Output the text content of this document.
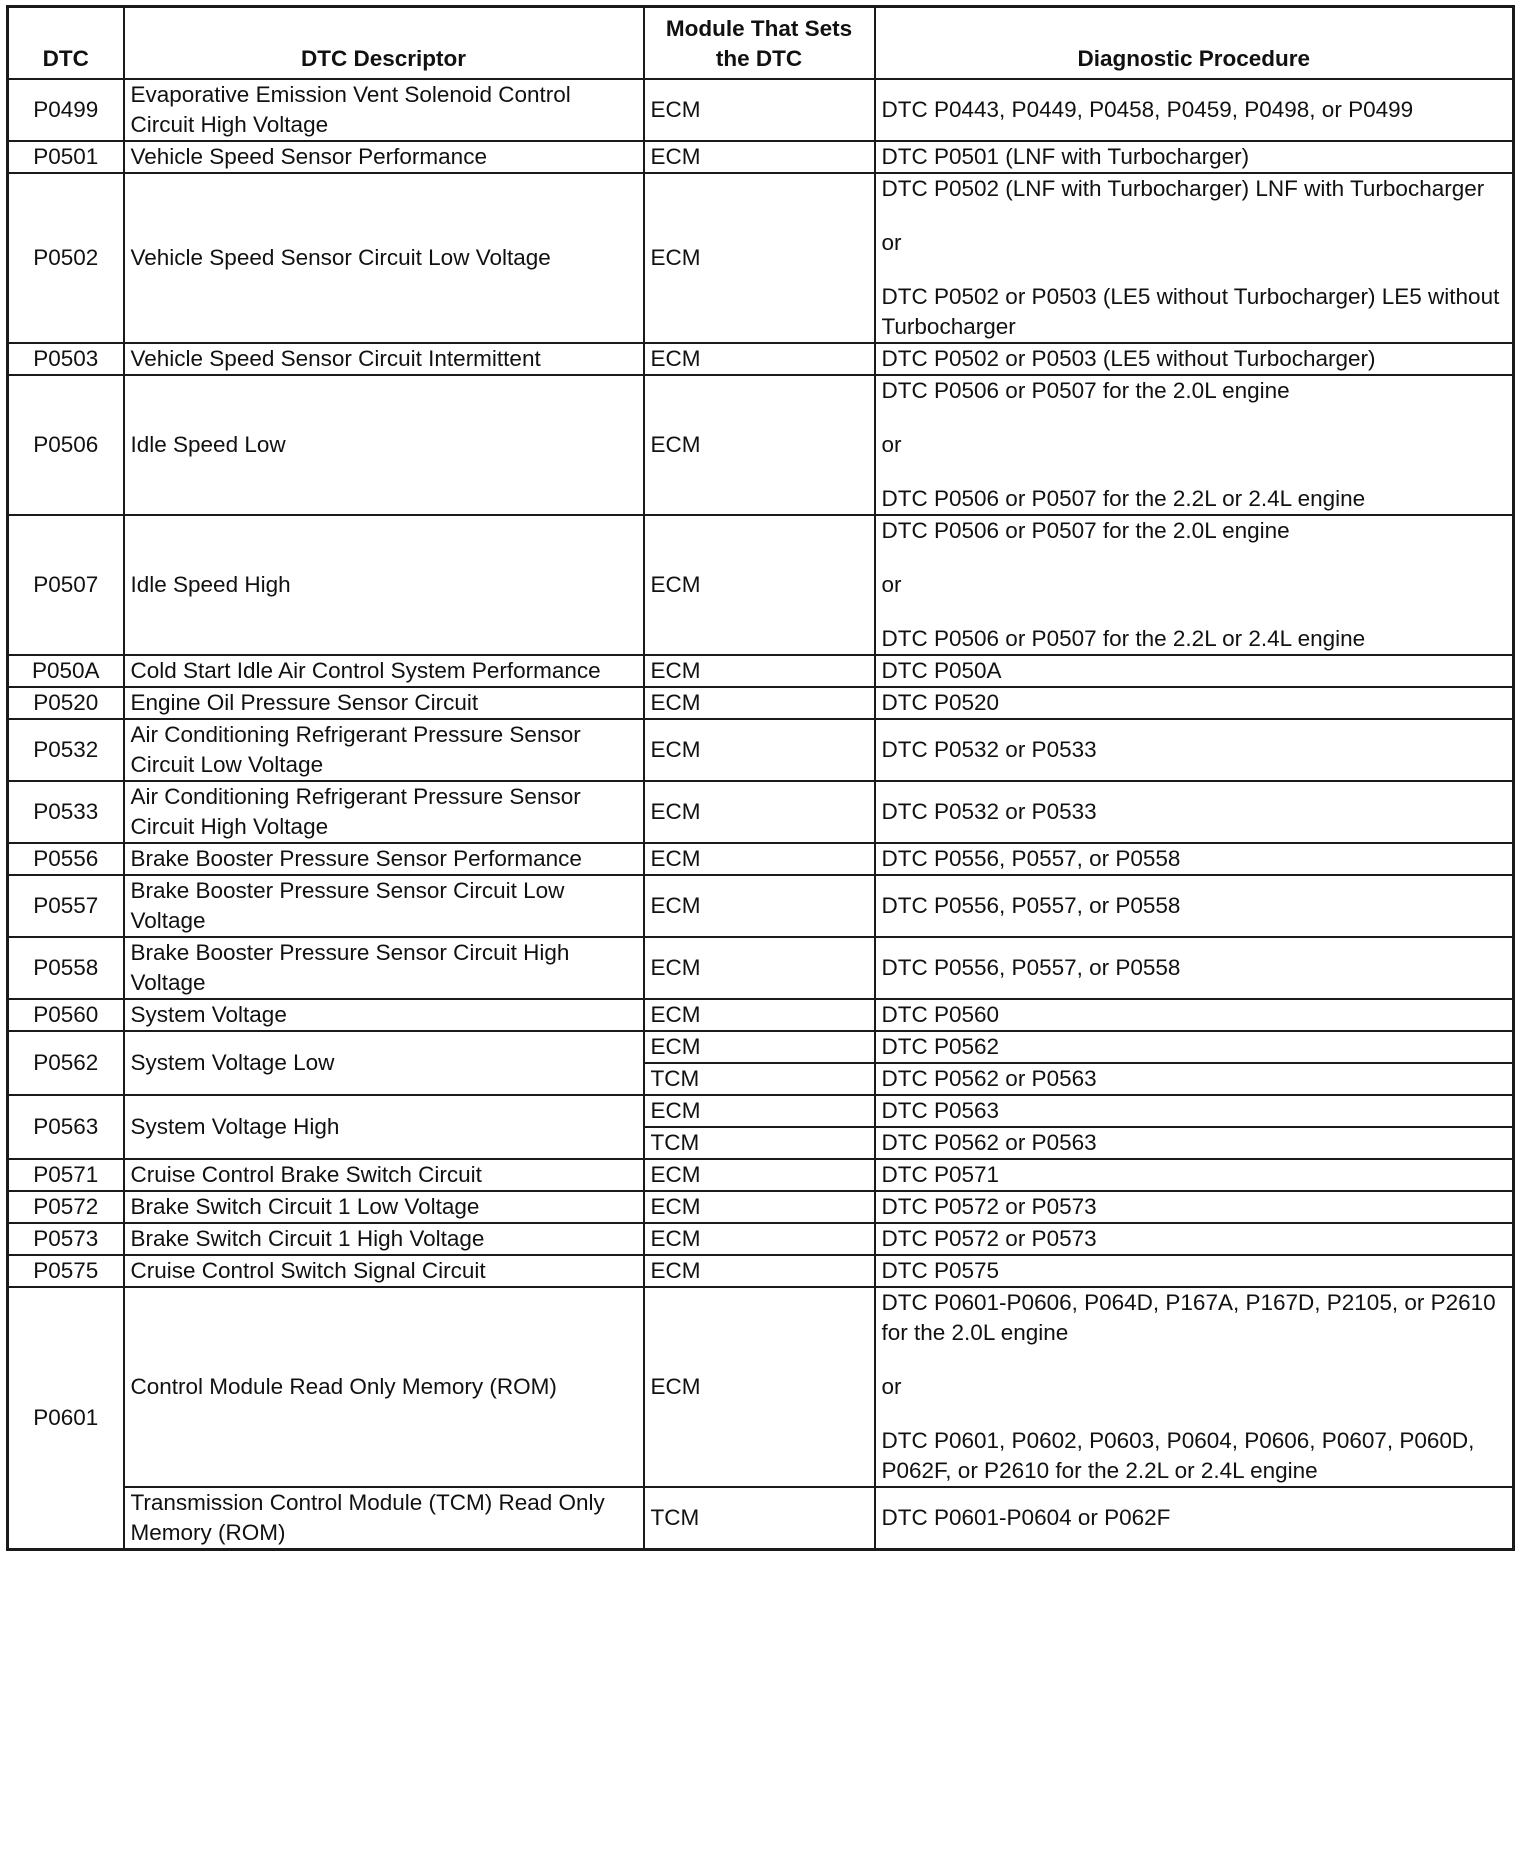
DTC	DTC Descriptor	Module That Sets
the DTC	Diagnostic Procedure
P0499	Evaporative Emission Vent Solenoid Control Circuit High Voltage	ECM	DTC P0443, P0449, P0458, P0459, P0498, or P0499

P0501	Vehicle Speed Sensor Performance	ECM	DTC P0501 (LNF with Turbocharger)

P0502	Vehicle Speed Sensor Circuit Low Voltage	ECM	DTC P0502 (LNF with Turbocharger) LNF with Turbocharger
or
DTC P0502 or P0503 (LE5 without Turbocharger) LE5 without Turbocharger

P0503	Vehicle Speed Sensor Circuit Intermittent	ECM	DTC P0502 or P0503 (LE5 without Turbocharger)

P0506	Idle Speed Low	ECM	DTC P0506 or P0507 for the 2.0L engine
or
DTC P0506 or P0507 for the 2.2L or 2.4L engine

P0507	Idle Speed High	ECM	DTC P0506 or P0507 for the 2.0L engine
or
DTC P0506 or P0507 for the 2.2L or 2.4L engine

P050A	Cold Start Idle Air Control System Performance	ECM	DTC P050A

P0520	Engine Oil Pressure Sensor Circuit	ECM	DTC P0520

P0532	Air Conditioning Refrigerant Pressure Sensor Circuit Low Voltage	ECM	DTC P0532 or P0533

P0533	Air Conditioning Refrigerant Pressure Sensor Circuit High Voltage	ECM	DTC P0532 or P0533

P0556	Brake Booster Pressure Sensor Performance	ECM	DTC P0556, P0557, or P0558

P0557	Brake Booster Pressure Sensor Circuit Low Voltage	ECM	DTC P0556, P0557, or P0558

P0558	Brake Booster Pressure Sensor Circuit High Voltage	ECM	DTC P0556, P0557, or P0558

P0560	System Voltage	ECM	DTC P0560

P0562	System Voltage Low	ECM	DTC P0562

		TCM	DTC P0562 or P0563

P0563	System Voltage High	ECM	DTC P0563

		TCM	DTC P0562 or P0563

P0571	Cruise Control Brake Switch Circuit	ECM	DTC P0571

P0572	Brake Switch Circuit 1 Low Voltage	ECM	DTC P0572 or P0573

P0573	Brake Switch Circuit 1 High Voltage	ECM	DTC P0572 or P0573

P0575	Cruise Control Switch Signal Circuit	ECM	DTC P0575

P0601	Control Module Read Only Memory (ROM)	ECM	DTC P0601-P0606, P064D, P167A, P167D, P2105, or P2610 for the 2.0L engine
or
DTC P0601, P0602, P0603, P0604, P0606, P0607, P060D, P062F, or P2610 for the 2.2L or 2.4L engine

	Transmission Control Module (TCM) Read Only Memory (ROM)	TCM	DTC P0601-P0604 or P062F
